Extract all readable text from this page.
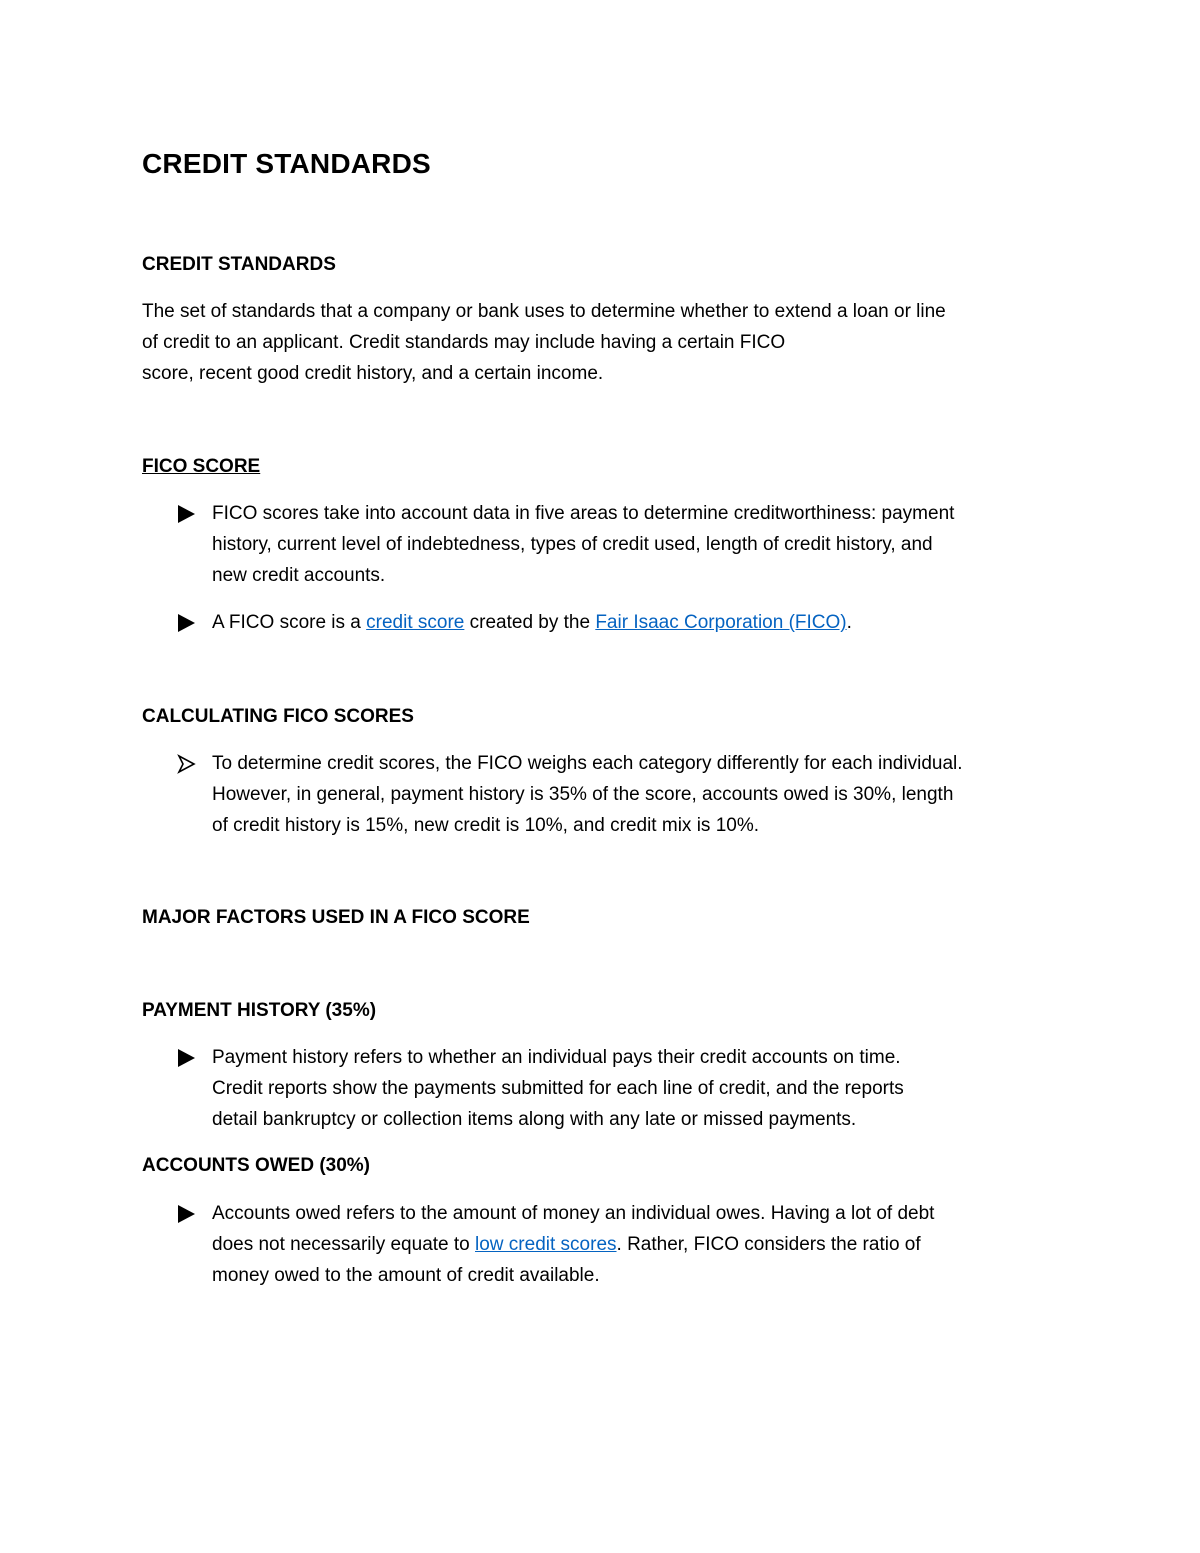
CREDIT STANDARDS
CREDIT STANDARDS
The set of standards that a company or bank uses to determine whether to extend a loan or line
of credit to an applicant. Credit standards may include having a certain FICO
score, recent good credit history, and a certain income.
FICO SCORE
FICO scores take into account data in five areas to determine creditworthiness: payment
history, current level of indebtedness, types of credit used, length of credit history, and
new credit accounts.
A FICO score is a credit score created by the Fair Isaac Corporation (FICO).
CALCULATING FICO SCORES
To determine credit scores, the FICO weighs each category differently for each individual.
However, in general, payment history is 35% of the score, accounts owed is 30%, length
of credit history is 15%, new credit is 10%, and credit mix is 10%.
MAJOR FACTORS USED IN A FICO SCORE
PAYMENT HISTORY (35%)
Payment history refers to whether an individual pays their credit accounts on time.
Credit reports show the payments submitted for each line of credit, and the reports
detail bankruptcy or collection items along with any late or missed payments.
ACCOUNTS OWED (30%)
Accounts owed refers to the amount of money an individual owes. Having a lot of debt
does not necessarily equate to low credit scores. Rather, FICO considers the ratio of
money owed to the amount of credit available.
